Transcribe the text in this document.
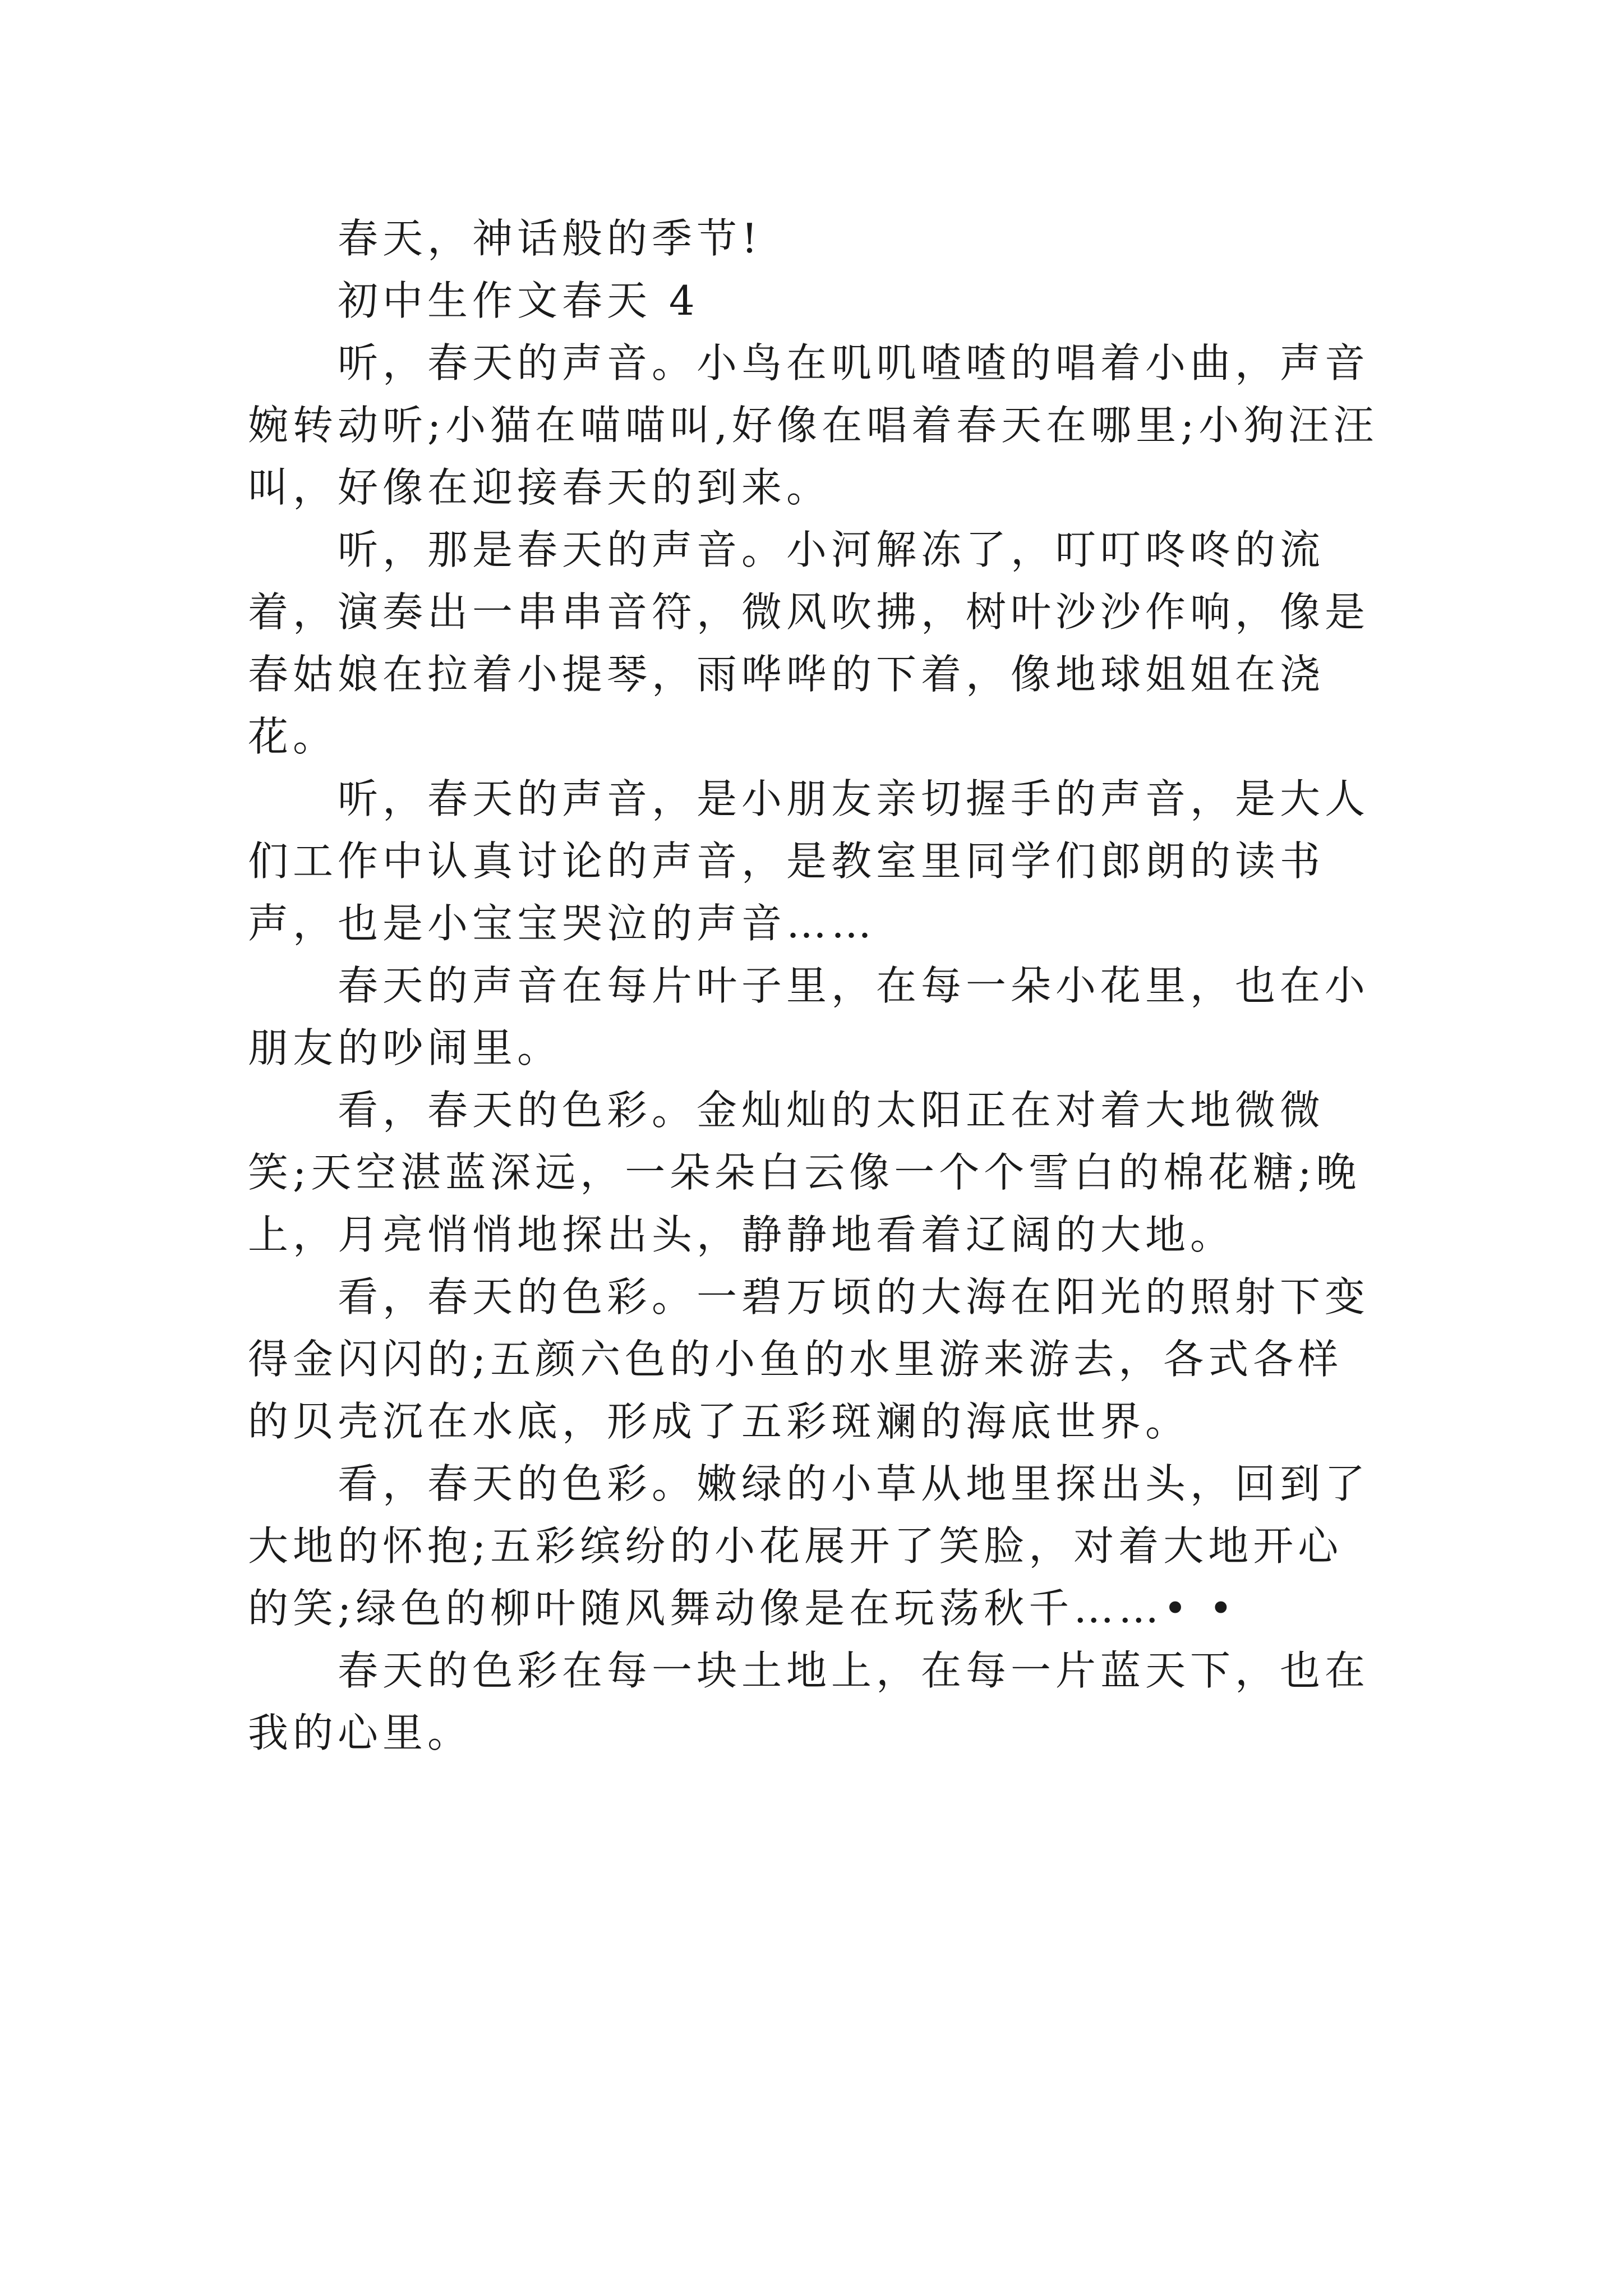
春天，神话般的季节!

初中生作文春天 4

听，春天的声音。小鸟在叽叽喳喳的唱着小曲，声音婉转动听;小猫在喵喵叫,好像在唱着春天在哪里;小狗汪汪叫，好像在迎接春天的到来。

听，那是春天的声音。小河解冻了，叮叮咚咚的流着，演奏出一串串音符，微风吹拂，树叶沙沙作响，像是春姑娘在拉着小提琴，雨哗哗的下着，像地球姐姐在浇花。

听，春天的声音，是小朋友亲切握手的声音，是大人们工作中认真讨论的声音，是教室里同学们郎朗的读书声，也是小宝宝哭泣的声音……

春天的声音在每片叶子里，在每一朵小花里，也在小朋友的吵闹里。

看，春天的色彩。金灿灿的太阳正在对着大地微微笑;天空湛蓝深远，一朵朵白云像一个个雪白的棉花糖;晚上，月亮悄悄地探出头，静静地看着辽阔的大地。

看，春天的色彩。一碧万顷的大海在阳光的照射下变得金闪闪的;五颜六色的小鱼的水里游来游去，各式各样的贝壳沉在水底，形成了五彩斑斓的海底世界。

看，春天的色彩。嫩绿的小草从地里探出头，回到了大地的怀抱;五彩缤纷的小花展开了笑脸，对着大地开心的笑;绿色的柳叶随风舞动像是在玩荡秋千……• •

春天的色彩在每一块土地上，在每一片蓝天下，也在我的心里。
